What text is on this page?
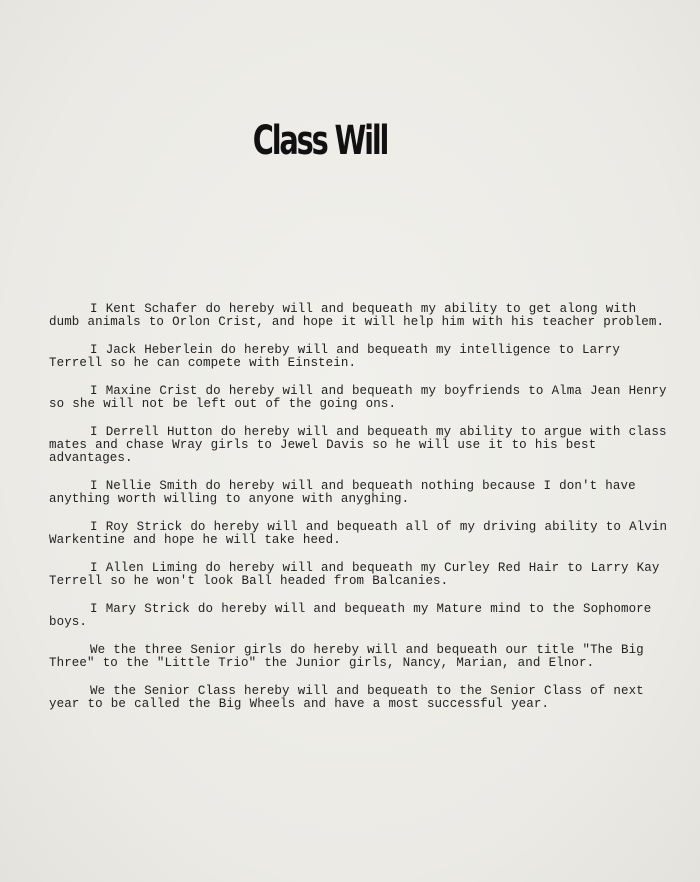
Class Will

I Kent Schafer do hereby will and bequeath my ability to get along with dumb animals to Orlon Crist, and hope it will help him with his teacher problem.

I Jack Heberlein do hereby will and bequeath my intelligence to Larry Terrell so he can compete with Einstein.

I Maxine Crist do hereby will and bequeath my boyfriends to Alma Jean Henry so she will not be left out of the going ons.

I Derrell Hutton do hereby will and bequeath my ability to argue with class mates and chase Wray girls to Jewel Davis so he will use it to his best advantages.

I Nellie Smith do hereby will and bequeath nothing because I don't have anything worth willing to anyone with anyghing.

I Roy Strick do hereby will and bequeath all of my driving ability to Alvin Warkentine and hope he will take heed.

I Allen Liming do hereby will and bequeath my Curley Red Hair to Larry Kay Terrell so he won't look Ball headed from Balcanies.

I Mary Strick do hereby will and bequeath my Mature mind to the Sophomore boys.

We the three Senior girls do hereby will and bequeath our title "The Big Three" to the "Little Trio" the Junior girls, Nancy, Marian, and Elnor.

We the Senior Class hereby will and bequeath to the Senior Class of next year to be called the Big Wheels and have a most successful year.
